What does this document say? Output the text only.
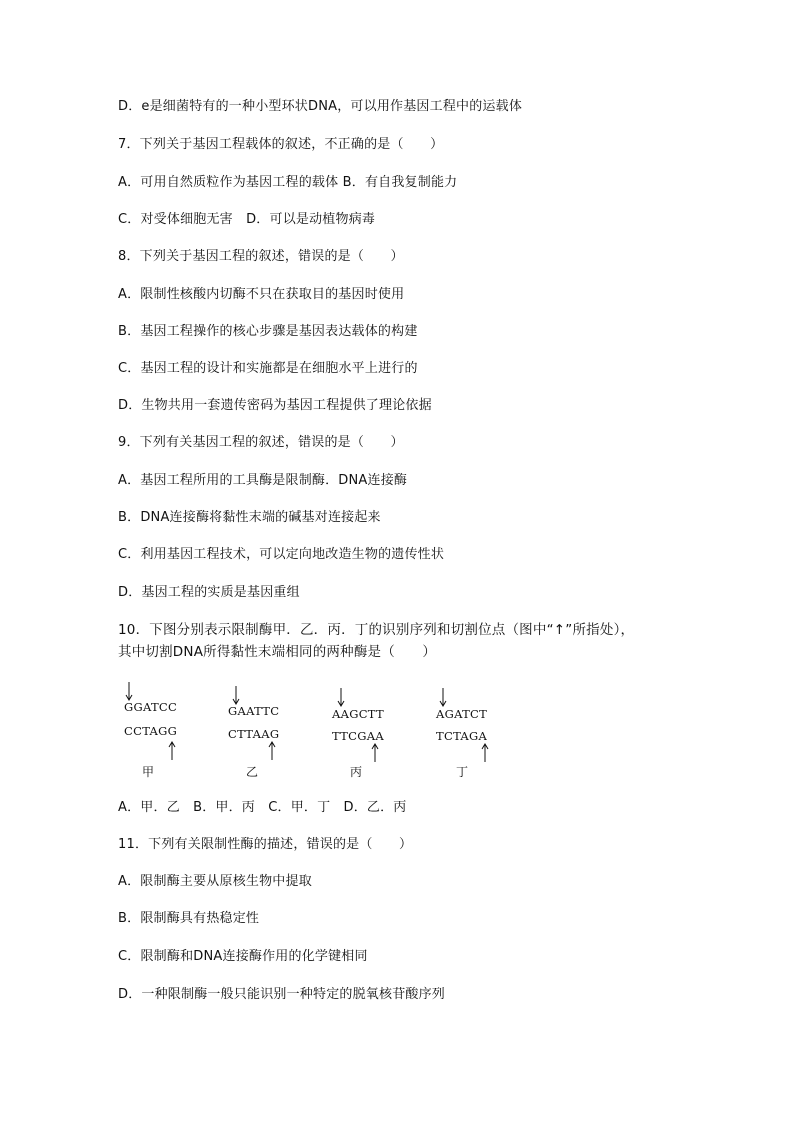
D．e是细菌特有的一种小型环状DNA，可以用作基因工程中的运载体
7．下列关于基因工程载体的叙述，不正确的是（　　）
A．可用自然质粒作为基因工程的载体 B．有自我复制能力
C．对受体细胞无害　D．可以是动植物病毒
8．下列关于基因工程的叙述，错误的是（　　）
A．限制性核酸内切酶不只在获取目的基因时使用
B．基因工程操作的核心步骤是基因表达载体的构建
C．基因工程的设计和实施都是在细胞水平上进行的
D．生物共用一套遗传密码为基因工程提供了理论依据
9．下列有关基因工程的叙述，错误的是（　　）
A．基因工程所用的工具酶是限制酶．DNA连接酶
B．DNA连接酶将黏性末端的碱基对连接起来
C．利用基因工程技术，可以定向地改造生物的遗传性状
D．基因工程的实质是基因重组
10．下图分别表示限制酶甲．乙．丙．丁的识别序列和切割位点（图中“↑”所指处），
其中切割DNA所得黏性末端相同的两种酶是（　　）
GGATCC
CCTAGG
甲
GAATTC
CTTAAG
乙
AAGCTT
TTCGAA
丙
AGATCT
TCTAGA
丁
A．甲．乙　B．甲．丙　C．甲．丁　D．乙．丙
11．下列有关限制性酶的描述，错误的是（　　）
A．限制酶主要从原核生物中提取
B．限制酶具有热稳定性
C．限制酶和DNA连接酶作用的化学键相同
D．一种限制酶一般只能识别一种特定的脱氧核苷酸序列
